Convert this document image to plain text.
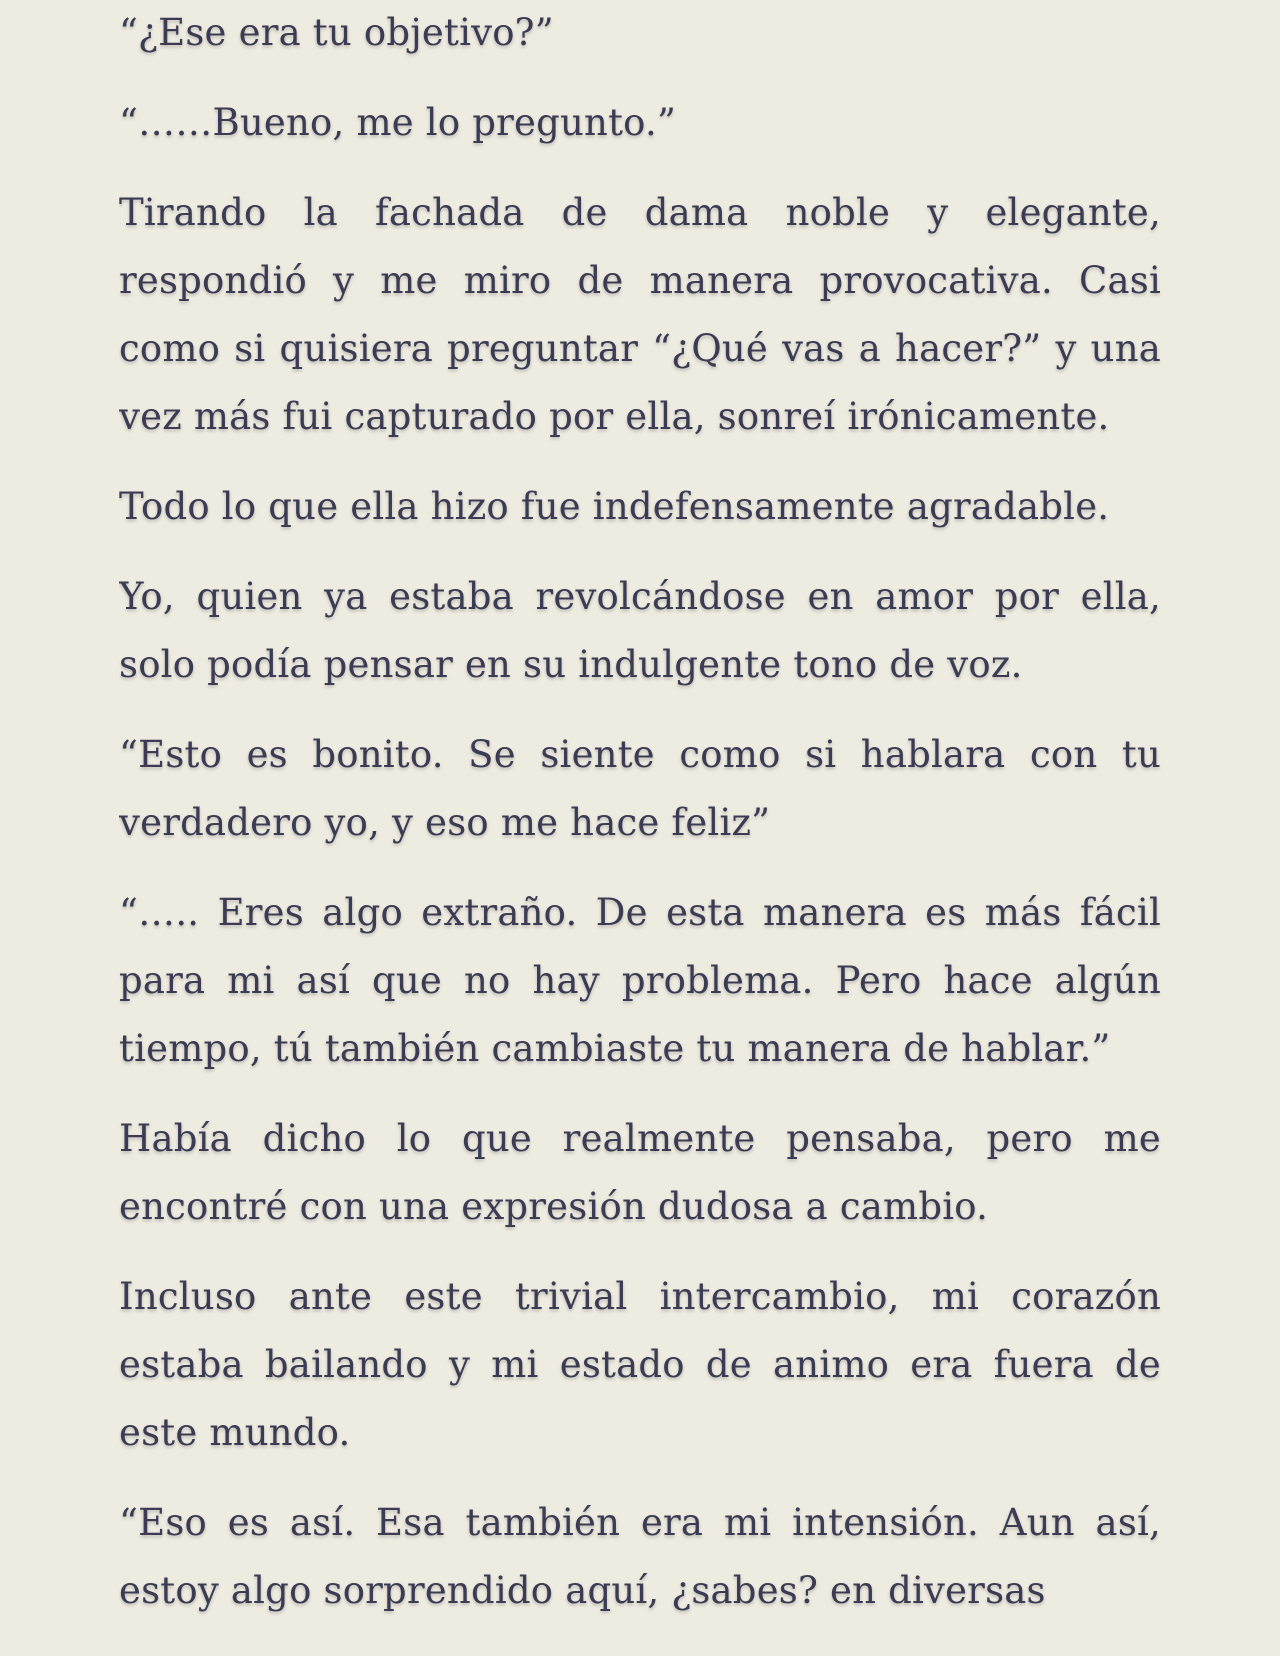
“¿Ese era tu objetivo?”

“……Bueno, me lo pregunto.”

Tirando la fachada de dama noble y elegante, respondió y me miro de manera provocativa. Casi como si quisiera preguntar “¿Qué vas a hacer?” y una vez más fui capturado por ella, sonreí irónicamente.

Todo lo que ella hizo fue indefensamente agradable.

Yo, quien ya estaba revolcándose en amor por ella, solo podía pensar en su indulgente tono de voz.

“Esto es bonito. Se siente como si hablara con tu verdadero yo, y eso me hace feliz”

“….. Eres algo extraño. De esta manera es más fácil para mi así que no hay problema. Pero hace algún tiempo, tú también cambiaste tu manera de hablar.”

Había dicho lo que realmente pensaba, pero me encontré con una expresión dudosa a cambio.

Incluso ante este trivial intercambio, mi corazón estaba bailando y mi estado de animo era fuera de este mundo.

“Eso es así. Esa también era mi intensión. Aun así, estoy algo sorprendido aquí, ¿sabes? en diversas
